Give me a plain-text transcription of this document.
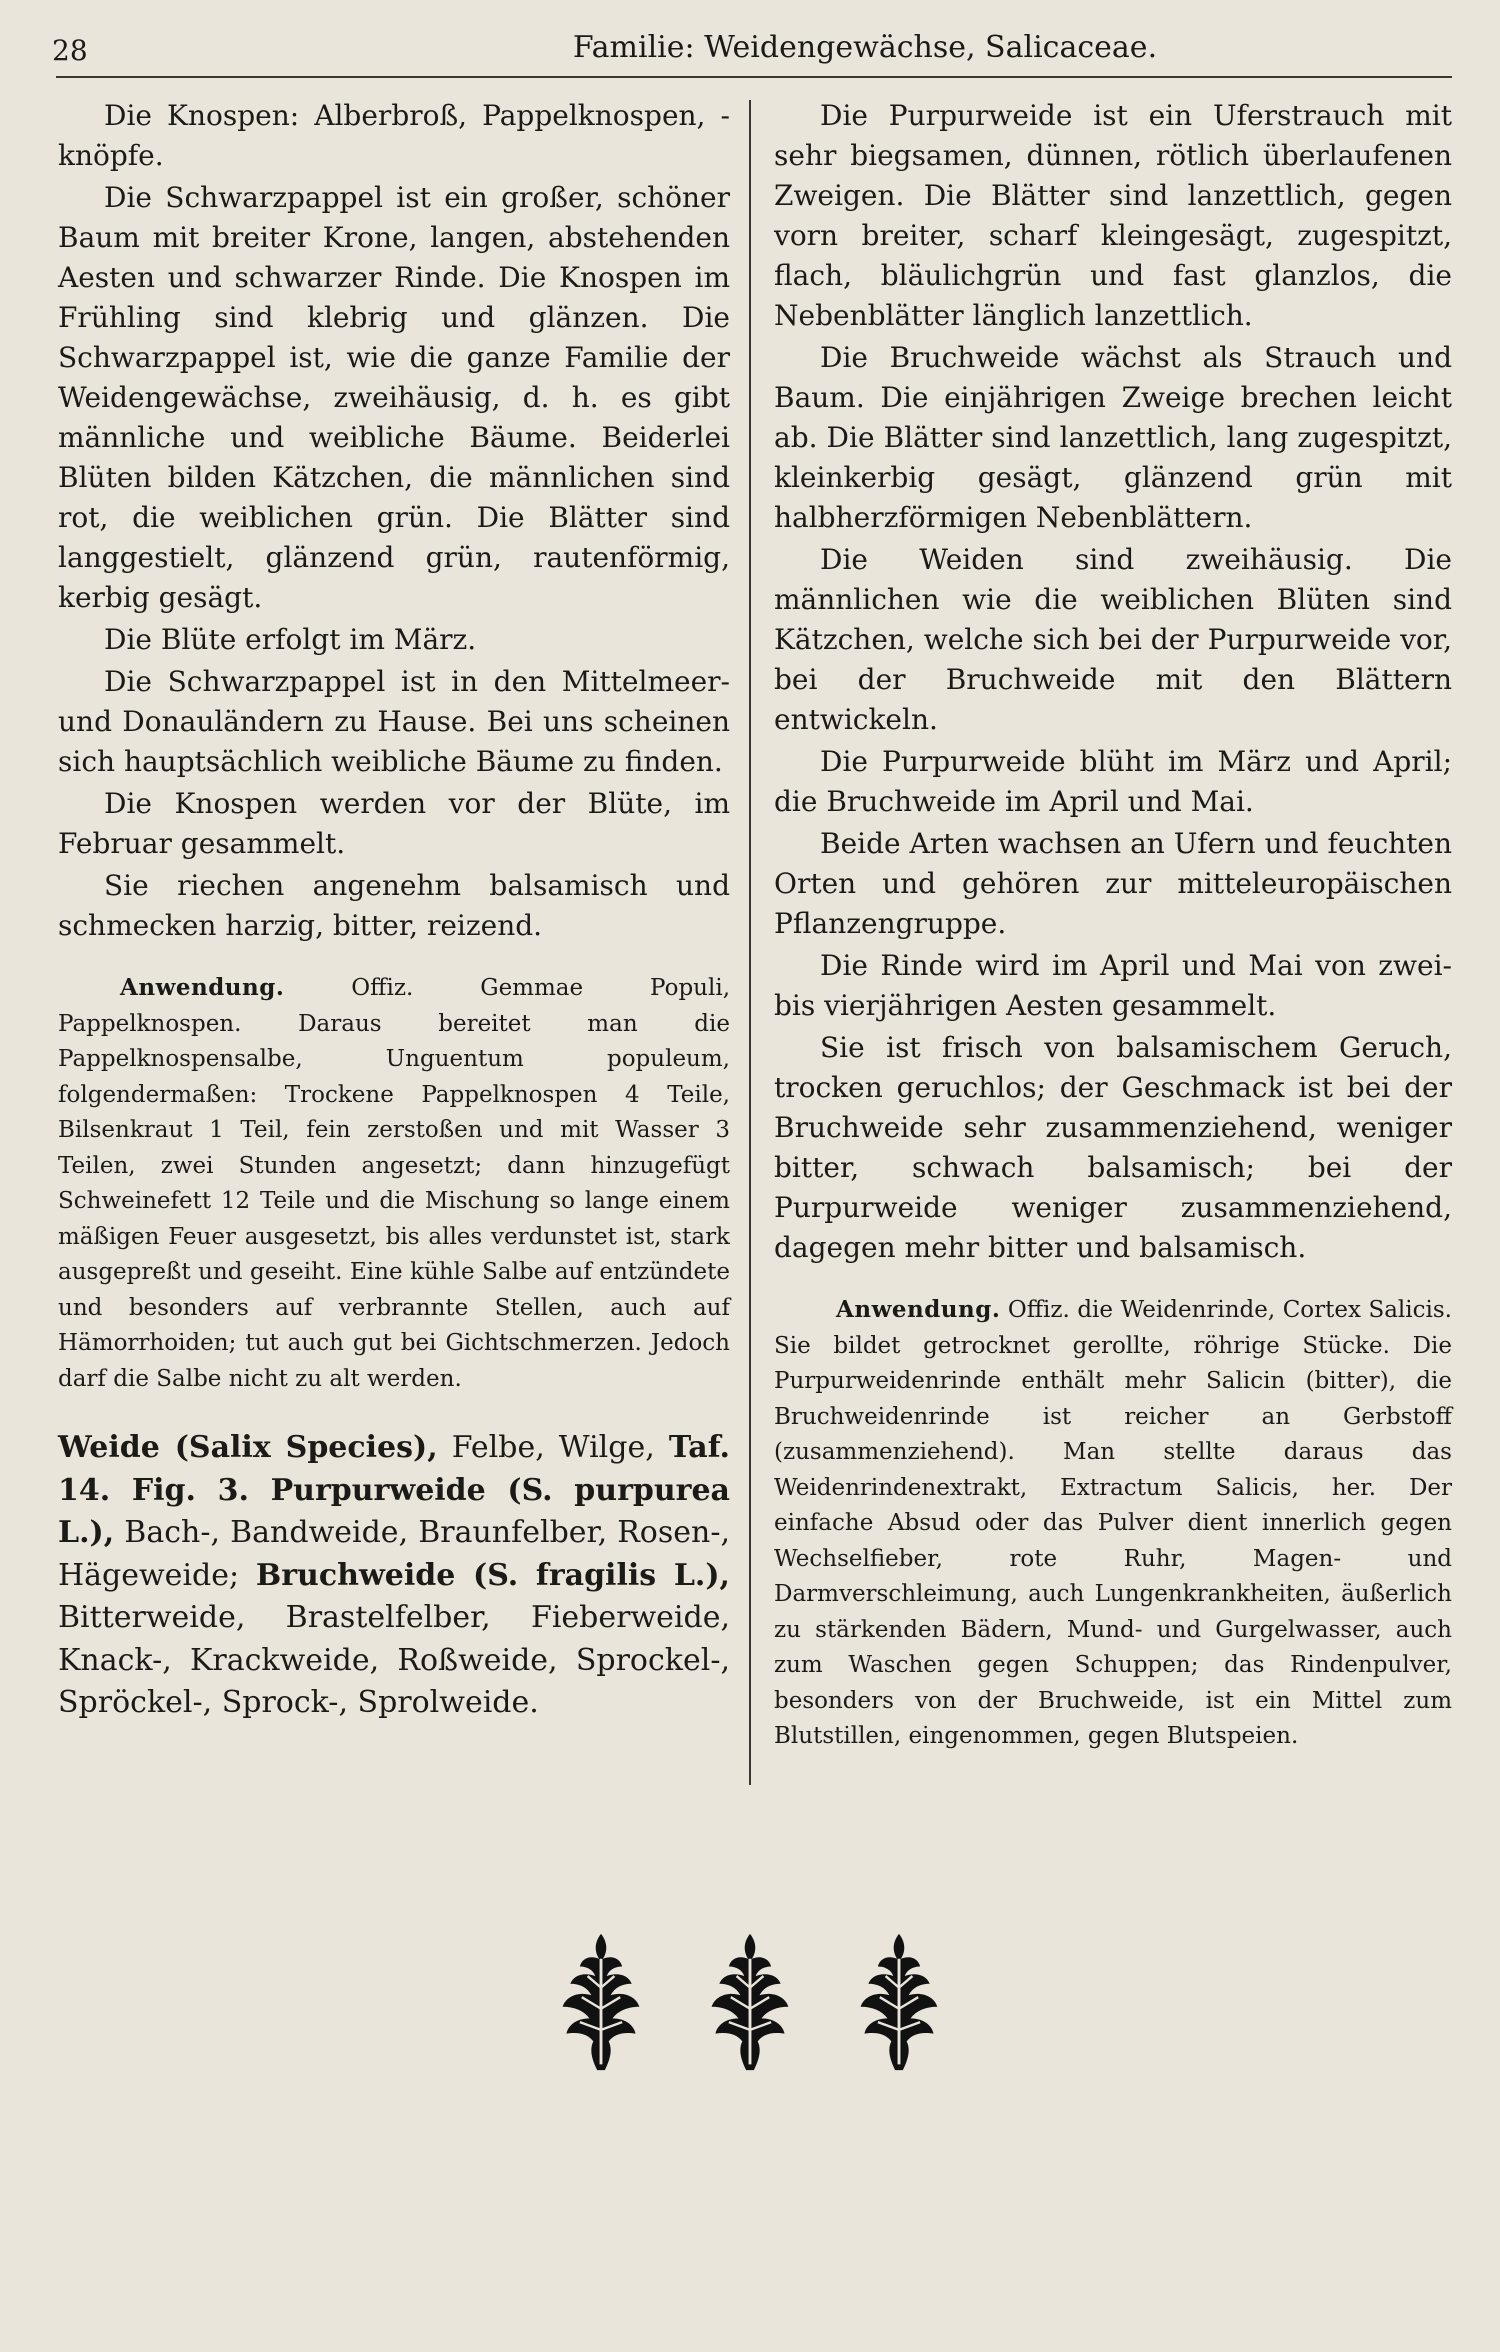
28	Familie: Weidengewächse, Salicaceae.

Die Knospen: Alberbroß, Pappelknospen, -knöpfe.

Die Schwarzpappel ist ein großer, schöner Baum mit breiter Krone, langen, abstehenden Aesten und schwarzer Rinde. Die Knospen im Frühling sind klebrig und glänzen. Die Schwarzpappel ist, wie die ganze Familie der Weidengewächse, zweihäusig, d. h. es gibt männliche und weibliche Bäume. Beiderlei Blüten bilden Kätzchen, die männlichen sind rot, die weiblichen grün. Die Blätter sind langgestielt, glänzend grün, rautenförmig, kerbig gesägt.

Die Blüte erfolgt im März.

Die Schwarzpappel ist in den Mittelmeer- und Donauländern zu Hause. Bei uns scheinen sich hauptsächlich weibliche Bäume zu finden.

Die Knospen werden vor der Blüte, im Februar gesammelt.

Sie riechen angenehm balsamisch und schmecken harzig, bitter, reizend.

Anwendung.	Offiz. Gemmae Populi, Pappelknospen. Daraus bereitet man die Pappelknospensalbe, Unguentum populeum, folgendermaßen: Trockene Pappelknospen 4 Teile, Bilsenkraut 1 Teil, fein zerstoßen und mit Wasser 3 Teilen, zwei Stunden angesetzt; dann hinzugefügt Schweinefett 12 Teile und die Mischung so lange einem mäßigen Feuer ausgesetzt, bis alles verdunstet ist, stark ausgepreßt und geseiht. Eine kühle Salbe auf entzündete und besonders auf verbrannte Stellen, auch auf Hämorrhoiden; tut auch gut bei Gichtschmerzen. Jedoch darf die Salbe nicht zu alt werden.

Weide (Salix Species), Felbe, Wilge, Taf. 14. Fig. 3. Purpurweide (S. purpurea L.), Bach-, Bandweide, Braunfelber, Rosen-, Hägeweide; Bruchweide (S. fragilis L.), Bitterweide, Brastelfelber, Fieberweide, Knack-, Krackweide, Roßweide, Sprockel-, Spröckel-, Sprock-, Sprolweide.

Die Purpurweide ist ein Uferstrauch mit sehr biegsamen, dünnen, rötlich überlaufenen Zweigen. Die Blätter sind lanzettlich, gegen vorn breiter, scharf kleingesägt, zugespitzt, flach, bläulichgrün und fast glanzlos, die Nebenblätter länglich lanzettlich.

Die Bruchweide wächst als Strauch und Baum. Die einjährigen Zweige brechen leicht ab. Die Blätter sind lanzettlich, lang zugespitzt, kleinkerbig gesägt, glänzend grün mit halbherzförmigen Nebenblättern.

Die Weiden sind zweihäusig. Die männlichen wie die weiblichen Blüten sind Kätzchen, welche sich bei der Purpurweide vor, bei der Bruchweide mit den Blättern entwickeln.

Die Purpurweide blüht im März und April; die Bruchweide im April und Mai.

Beide Arten wachsen an Ufern und feuchten Orten und gehören zur mitteleuropäischen Pflanzengruppe.

Die Rinde wird im April und Mai von zwei- bis vierjährigen Aesten gesammelt.

Sie ist frisch von balsamischem Geruch, trocken geruchlos; der Geschmack ist bei der Bruchweide sehr zusammenziehend, weniger bitter, schwach balsamisch; bei der Purpurweide weniger zusammenziehend, dagegen mehr bitter und balsamisch.

Anwendung. Offiz. die Weidenrinde, Cortex Salicis. Sie bildet getrocknet gerollte, röhrige Stücke. Die Purpurweidenrinde enthält mehr Salicin (bitter), die Bruchweidenrinde ist reicher an Gerbstoff (zusammenziehend). Man stellte daraus das Weidenrindenextrakt, Extractum Salicis, her. Der einfache Absud oder das Pulver dient innerlich gegen Wechselfieber, rote Ruhr, Magen- und Darmverschleimung, auch Lungenkrankheiten, äußerlich zu stärkenden Bädern, Mund- und Gurgelwasser, auch zum Waschen gegen Schuppen; das Rindenpulver, besonders von der Bruchweide, ist ein Mittel zum Blutstillen, eingenommen, gegen Blutspeien.
